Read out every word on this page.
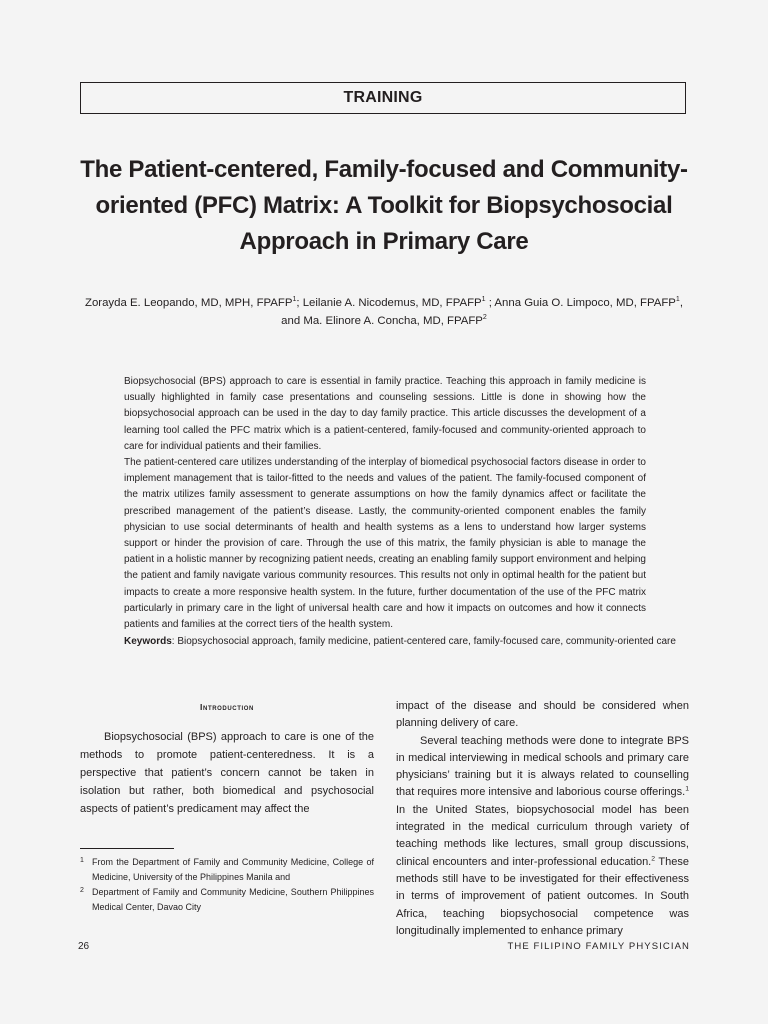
TRAINING
The Patient-centered, Family-focused and Community-
oriented (PFC) Matrix: A Toolkit for Biopsychosocial
Approach in Primary Care
Zorayda E. Leopando, MD, MPH, FPAFP$^1$; Leilanie A. Nicodemus, MD, FPAFP$^1$ ; Anna Guia O. Limpoco, MD, FPAFP$^1$,
and Ma. Elinore A. Concha, MD, FPAFP$^2$

Biopsychosocial (BPS) approach to care is essential in family practice. Teaching this approach in family medicine is usually highlighted in family case presentations and counseling sessions. Little is done in showing how the biopsychosocial approach can be used in the day to day family practice. This article discusses the development of a learning tool called the PFC matrix which is a patient-centered, family-focused and community-oriented approach to care for individual patients and their families.

The patient-centered care utilizes understanding of the interplay of biomedical psychosocial factors disease in order to implement management that is tailor-fitted to the needs and values of the patient. The family-focused component of the matrix utilizes family assessment to generate assumptions on how the family dynamics affect or facilitate the prescribed management of the patient’s disease. Lastly, the community-oriented component enables the family physician to use social determinants of health and health systems as a lens to understand how larger systems support or hinder the provision of care. Through the use of this matrix, the family physician is able to manage the patient in a holistic manner by recognizing patient needs, creating an enabling family support environment and helping the patient and family navigate various community resources. This results not only in optimal health for the patient but impacts to create a more responsive health system. In the future, further documentation of the use of the PFC matrix particularly in primary care in the light of universal health care and how it impacts on outcomes and how it connects patients and families at the correct tiers of the health system.

Keywords: Biopsychosocial approach, family medicine, patient-centered care, family-focused care, community-oriented care
Introduction

Biopsychosocial (BPS) approach to care is one of the methods to promote patient-centeredness. It is a perspective that patient’s concern cannot be taken in isolation but rather, both biomedical and psychosocial aspects of patient’s predicament may affect the

1 From the Department of Family and Community Medicine, College of Medicine, University of the Philippines Manila and
2 Department of Family and Community Medicine, Southern Philippines Medical Center, Davao City

impact of the disease and should be considered when planning delivery of care.

Several teaching methods were done to integrate BPS in medical interviewing in medical schools and primary care physicians’ training but it is always related to counselling that requires more intensive and laborious course offerings.$^1$ In the United States, biopsychosocial model has been integrated in the medical curriculum through variety of teaching methods like lectures, small group discussions, clinical encounters and inter-professional education.$^2$ These methods still have to be investigated for their effectiveness in terms of improvement of patient outcomes. In South Africa, teaching biopsychosocial competence was longitudinally implemented to enhance primary

26	THE FILIPINO FAMILY PHYSICIAN
